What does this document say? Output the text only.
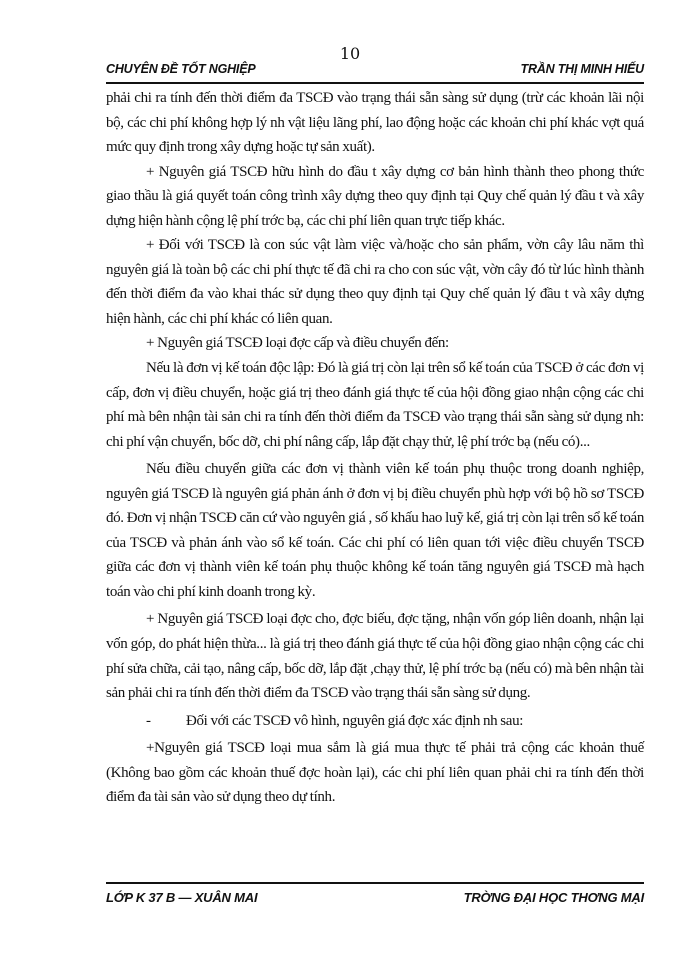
10
CHUYÊN ĐỀ TỐT NGHIỆP	TRẦN THỊ MINH HIẾU

phải chi ra tính đến thời điểm đa TSCĐ vào trạng thái sẵn sàng sử dụng (trừ các khoản lãi nội bộ, các chi phí không hợp lý nh vật liệu lãng phí, lao động hoặc các khoản chi phí khác vợt quá mức quy định trong xây dựng hoặc tự sản xuất).

+ Nguyên giá TSCĐ hữu hình do đầu t xây dựng cơ bản hình thành theo phong thức giao thầu là giá quyết toán công trình xây dựng theo quy định tại Quy chế quản lý đầu t và xây dựng hiện hành cộng lệ phí trớc bạ, các chi phí liên quan trực tiếp khác.

+ Đối với TSCĐ là con súc vật làm việc và/hoặc cho sản phẩm, vờn cây lâu năm thì nguyên giá là toàn bộ các chi phí thực tế đã chi ra cho con súc vật, vờn cây đó từ lúc hình thành đến thời điểm đa vào khai thác sử dụng theo quy định tại Quy chế quản lý đầu t và xây dựng hiện hành, các chi phí khác có liên quan.

+ Nguyên giá TSCĐ loại đợc cấp và điều chuyển đến:

Nếu là đơn vị kế toán độc lập: Đó là giá trị còn lại trên sổ kế toán của TSCĐ ở các đơn vị cấp, đơn vị điều chuyển, hoặc giá trị theo đánh giá thực tế của hội đồng giao nhận cộng các chi phí mà bên nhận tài sản chi ra tính đến thời điểm đa TSCĐ vào trạng thái sẵn sàng sử dụng nh: chi phí vận chuyển, bốc dỡ, chi phí nâng cấp, lắp đặt chạy thử, lệ phí trớc bạ (nếu có)...

Nếu điều chuyển giữa các đơn vị thành viên kế toán phụ thuộc trong doanh nghiệp, nguyên giá TSCĐ là nguyên giá phản ánh ở đơn vị bị điều chuyển phù hợp với bộ hồ sơ TSCĐ đó. Đơn vị nhận TSCĐ căn cứ vào nguyên giá , số khấu hao luỹ kế, giá trị còn lại trên sổ kế toán của TSCĐ và phản ánh vào sổ kế toán. Các chi phí có liên quan tới việc điều chuyển TSCĐ giữa các đơn vị thành viên kế toán phụ thuộc không kế toán tăng nguyên giá TSCĐ mà hạch toán vào chi phí kinh doanh trong kỳ.

+ Nguyên giá TSCĐ loại đợc cho, đợc biếu, đợc tặng, nhận vốn góp liên doanh, nhận lại vốn góp, do phát hiện thừa... là giá trị theo đánh giá thực tế của hội đồng giao nhận cộng các chi phí sửa chữa, cải tạo, nâng cấp, bốc dỡ, lắp đặt ,chạy thử, lệ phí trớc bạ (nếu có) mà bên nhận tài sản phải chi ra tính đến thời điểm đa TSCĐ vào trạng thái sẵn sàng sử dụng.

- Đối với các TSCĐ vô hình, nguyên giá đợc xác định nh sau:

+Nguyên giá TSCĐ loại mua sắm là giá mua thực tế phải trả cộng các khoản thuế (Không bao gồm các khoản thuế đợc hoàn lại), các chi phí liên quan phải chi ra tính đến thời điểm đa tài sản vào sử dụng theo dự tính.

LỚP K 37 B — XUÂN MAI	TRỜNG ĐẠI HỌC THƠNG MẠI
